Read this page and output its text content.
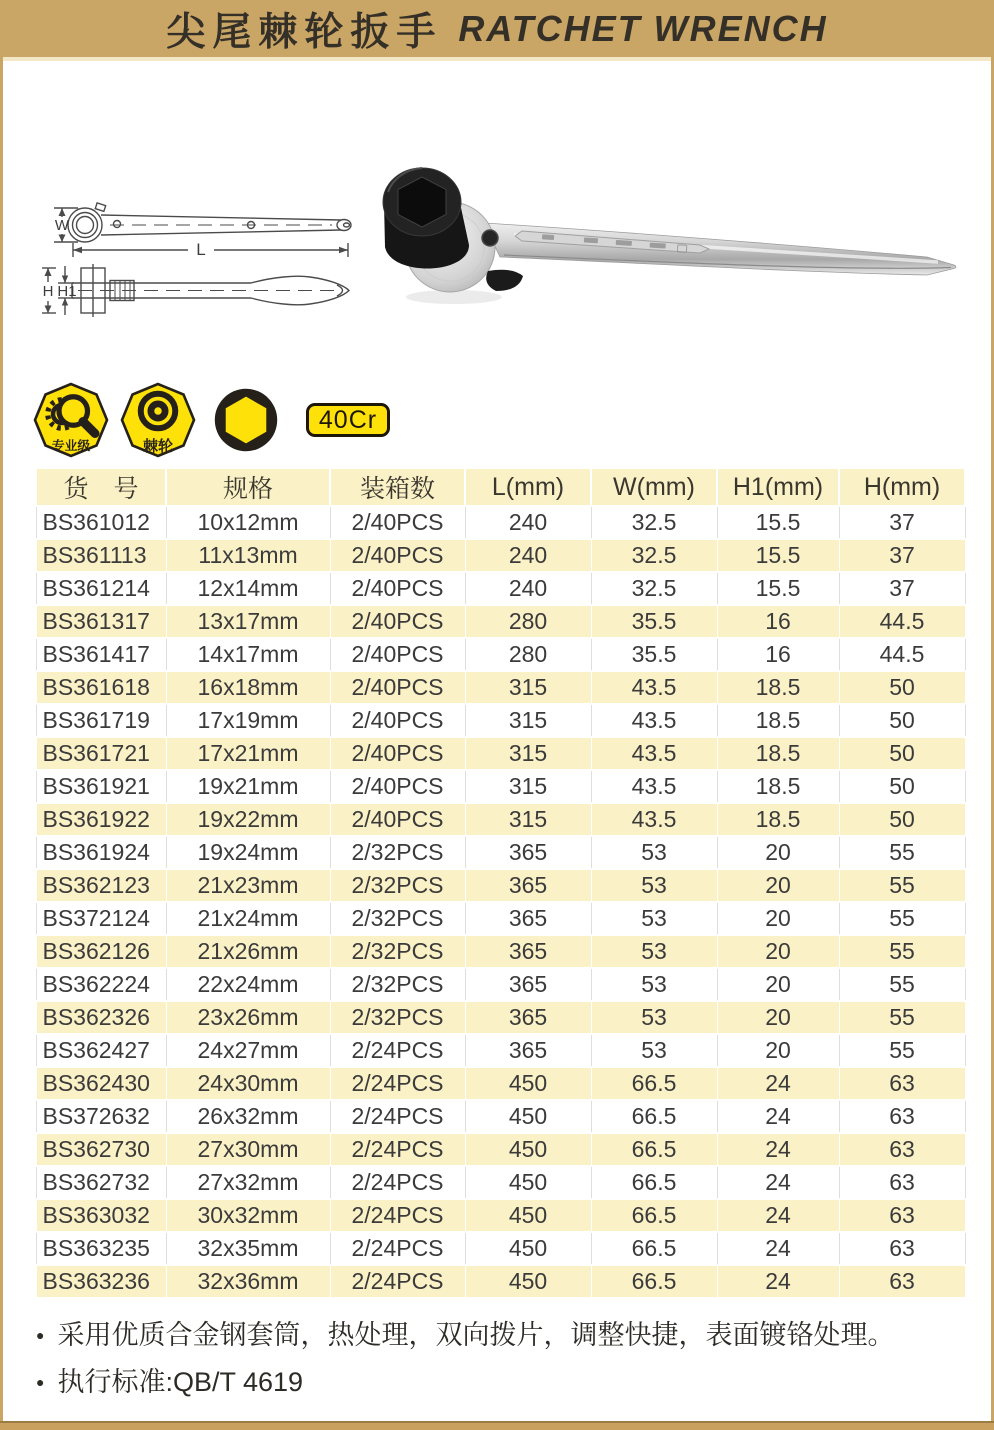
尖尾棘轮扳手 RATCHET WRENCH
W
L
H H1
专业级	棘轮
40Cr
货　号	规格	装箱数	L(mm)	W(mm)	H1(mm)	H(mm)
BS361012	10x12mm	2/40PCS	240	32.5	15.5	37
BS361113	11x13mm	2/40PCS	240	32.5	15.5	37
BS361214	12x14mm	2/40PCS	240	32.5	15.5	37
BS361317	13x17mm	2/40PCS	280	35.5	16	44.5
BS361417	14x17mm	2/40PCS	280	35.5	16	44.5
BS361618	16x18mm	2/40PCS	315	43.5	18.5	50
BS361719	17x19mm	2/40PCS	315	43.5	18.5	50
BS361721	17x21mm	2/40PCS	315	43.5	18.5	50
BS361921	19x21mm	2/40PCS	315	43.5	18.5	50
BS361922	19x22mm	2/40PCS	315	43.5	18.5	50
BS361924	19x24mm	2/32PCS	365	53	20	55
BS362123	21x23mm	2/32PCS	365	53	20	55
BS372124	21x24mm	2/32PCS	365	53	20	55
BS362126	21x26mm	2/32PCS	365	53	20	55
BS362224	22x24mm	2/32PCS	365	53	20	55
BS362326	23x26mm	2/32PCS	365	53	20	55
BS362427	24x27mm	2/24PCS	365	53	20	55
BS362430	24x30mm	2/24PCS	450	66.5	24	63
BS372632	26x32mm	2/24PCS	450	66.5	24	63
BS362730	27x30mm	2/24PCS	450	66.5	24	63
BS362732	27x32mm	2/24PCS	450	66.5	24	63
BS363032	30x32mm	2/24PCS	450	66.5	24	63
BS363235	32x35mm	2/24PCS	450	66.5	24	63
BS363236	32x36mm	2/24PCS	450	66.5	24	63
● 采用优质合金钢套筒，热处理，双向拨片，调整快捷，表面镀铬处理。
● 执行标准:QB/T 4619
